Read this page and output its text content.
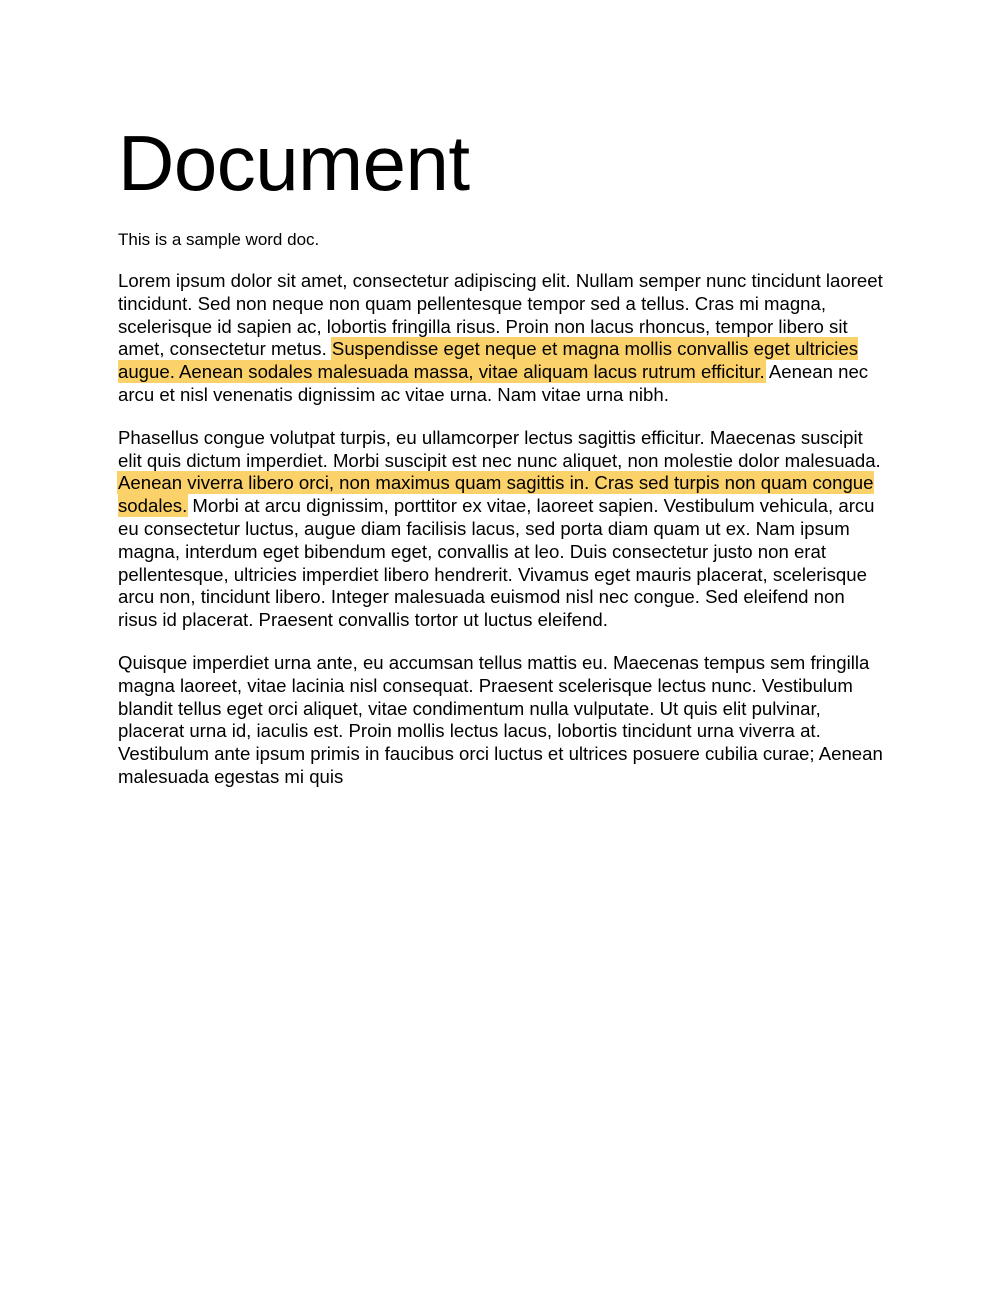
Document

This is a sample word doc.

Lorem ipsum dolor sit amet, consectetur adipiscing elit. Nullam semper nunc tincidunt laoreet tincidunt. Sed non neque non quam pellentesque tempor sed a tellus. Cras mi magna, scelerisque id sapien ac, lobortis fringilla risus. Proin non lacus rhoncus, tempor libero sit amet, consectetur metus. Suspendisse eget neque et magna mollis convallis eget ultricies augue. Aenean sodales malesuada massa, vitae aliquam lacus rutrum efficitur. Aenean nec arcu et nisl venenatis dignissim ac vitae urna. Nam vitae urna nibh.

Phasellus congue volutpat turpis, eu ullamcorper lectus sagittis efficitur. Maecenas suscipit elit quis dictum imperdiet. Morbi suscipit est nec nunc aliquet, non molestie dolor malesuada. Aenean viverra libero orci, non maximus quam sagittis in. Cras sed turpis non quam congue sodales. Morbi at arcu dignissim, porttitor ex vitae, laoreet sapien. Vestibulum vehicula, arcu eu consectetur luctus, augue diam facilisis lacus, sed porta diam quam ut ex. Nam ipsum magna, interdum eget bibendum eget, convallis at leo. Duis consectetur justo non erat pellentesque, ultricies imperdiet libero hendrerit. Vivamus eget mauris placerat, scelerisque arcu non, tincidunt libero. Integer malesuada euismod nisl nec congue. Sed eleifend non risus id placerat. Praesent convallis tortor ut luctus eleifend.

Quisque imperdiet urna ante, eu accumsan tellus mattis eu. Maecenas tempus sem fringilla magna laoreet, vitae lacinia nisl consequat. Praesent scelerisque lectus nunc. Vestibulum blandit tellus eget orci aliquet, vitae condimentum nulla vulputate. Ut quis elit pulvinar, placerat urna id, iaculis est. Proin mollis lectus lacus, lobortis tincidunt urna viverra at. Vestibulum ante ipsum primis in faucibus orci luctus et ultrices posuere cubilia curae; Aenean malesuada egestas mi quis
